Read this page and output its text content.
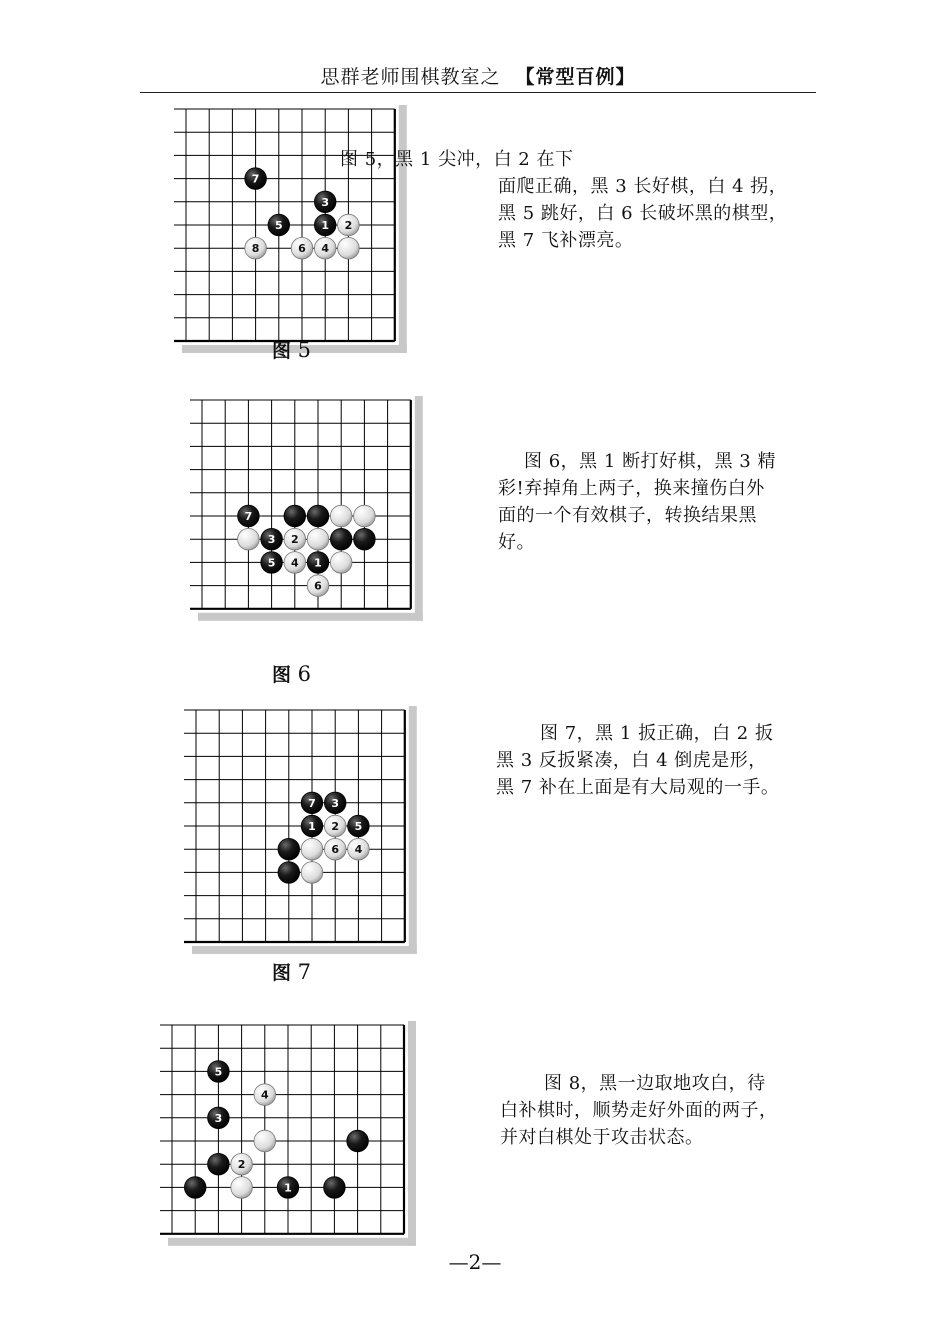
思群老师围棋教室之 【常型百例】
7
3
5	1 2
8	6 4
图 5

图 5，黑 1 尖冲，白 2 在下

面爬正确，黑 3 长好棋，白 4 拐，

黑 5 跳好，白 6 长破坏黑的棋型，

黑 7 飞补漂亮。

7
3 2
5 4 1
6
图 6

图 6，黑 1 断打好棋，黑 3 精

彩!弃掉角上两子，换来撞伤白外

面的一个有效棋子，转换结果黑

好。

7 3
1 2 5
6 4
图 7

图 7，黑 1 扳正确，白 2 扳

黑 3 反扳紧凑，白 4 倒虎是形，

黑 7 补在上面是有大局观的一手。

5
4
3
2
1

图 8，黑一边取地攻白，待

白补棋时，顺势走好外面的两子，

并对白棋处于攻击状态。

—2—
